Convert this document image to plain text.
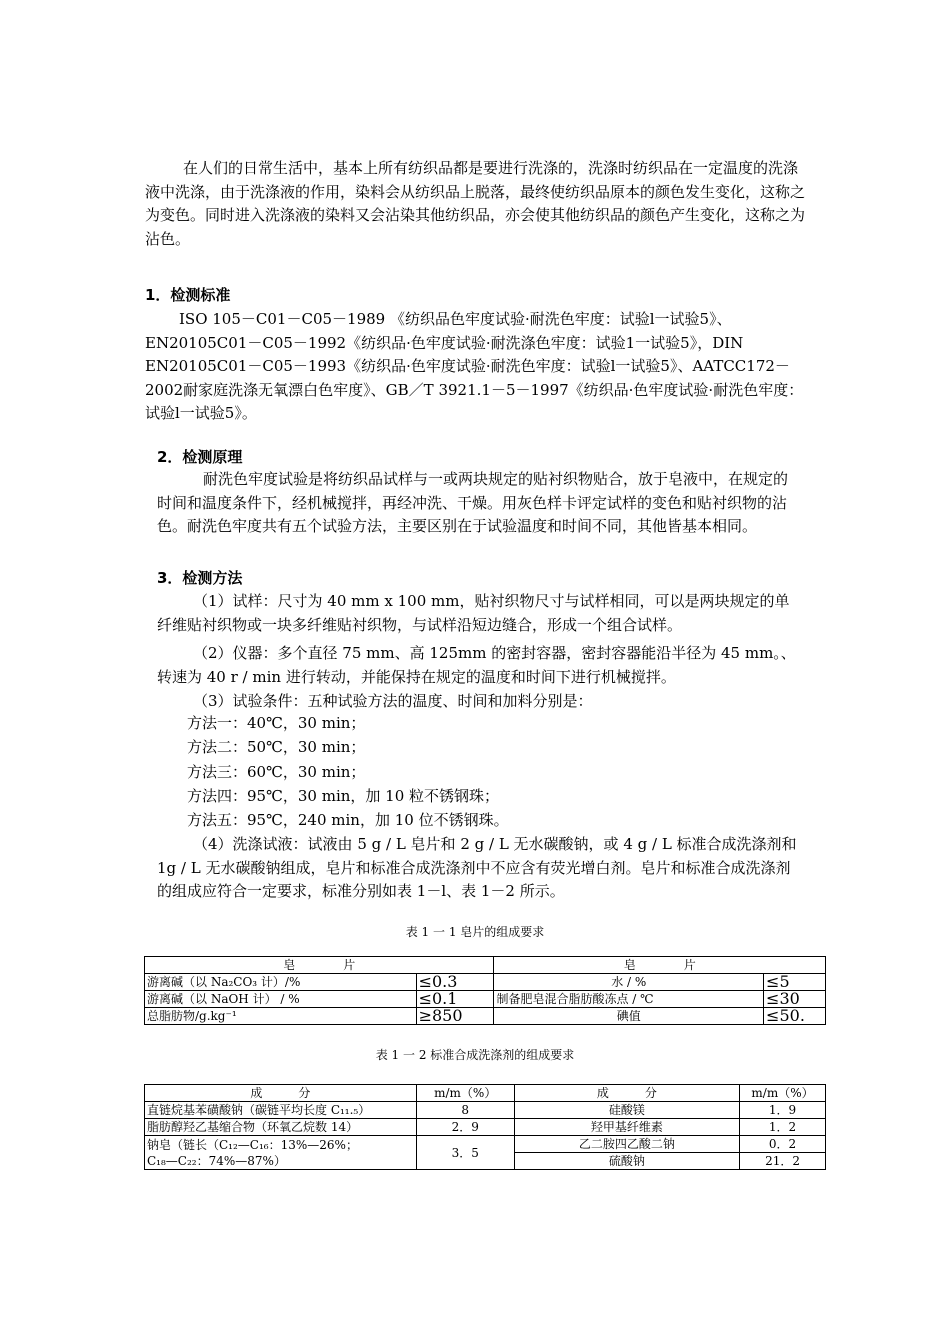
在人们的日常生活中，基本上所有纺织品都是要进行洗涤的，洗涤时纺织品在一定温度的洗涤液中洗涤，由于洗涤液的作用，染料会从纺织品上脱落，最终使纺织品原本的颜色发生变化，这称之为变色。同时进入洗涤液的染料又会沾染其他纺织品，亦会使其他纺织品的颜色产生变化，这称之为沾色。

1．检测标准

ISO 105－C01－C05－1989 《纺织品色牢度试验·耐洗色牢度：试验l一试验5》、EN20105C01－C05－1992《纺织品·色牢度试验·耐洗涤色牢度：试验1一试验5》，DIN EN20105C01－C05－1993《纺织品·色牢度试验·耐洗色牢度：试验l一试验5》、AATCC172－2002耐家庭洗涤无氧漂白色牢度》、GB／T 3921.1－5－1997《纺织品·色牢度试验·耐洗色牢度：试验l一试验5》。

2．检测原理

耐洗色牢度试验是将纺织品试样与一或两块规定的贴衬织物贴合，放于皂液中，在规定的时间和温度条件下，经机械搅拌，再经冲洗、干燥。用灰色样卡评定试样的变色和贴衬织物的沾色。耐洗色牢度共有五个试验方法，主要区别在于试验温度和时间不同，其他皆基本相同。

3．检测方法

（1）试样：尺寸为 40 mm x 100 mm，贴衬织物尺寸与试样相同，可以是两块规定的单纤维贴衬织物或一块多纤维贴衬织物，与试样沿短边缝合，形成一个组合试样。

（2）仪器：多个直径 75 mm、高 125mm 的密封容器，密封容器能沿半径为 45 mm。、转速为 40 r / min 进行转动，并能保持在规定的温度和时间下进行机械搅拌。

（3）试验条件：五种试验方法的温度、时间和加料分别是：

方法一：40℃，30 min；

方法二：50℃，30 min；

方法三：60℃，30 min；

方法四：95℃，30 min，加 10 粒不锈钢珠；

方法五：95℃，240 min，加 10 位不锈钢珠。

（4）洗涤试液：试液由 5 g / L 皂片和 2 g / L 无水碳酸钠，或 4 g / L 标准合成洗涤剂和 1g / L 无水碳酸钠组成，皂片和标准合成洗涤剂中不应含有荧光增白剂。皂片和标准合成洗涤剂的组成应符合一定要求，标准分别如表 1－l、表 1－2 所示。

表 1 一 1 皂片的组成要求

皂　　　　片		皂　　　　片	
游离碱（以 Na₂CO₃ 计）/%	≤0.3	水 / %	≤5
游离碱（以 NaOH 计） / %	≤0.1	制备肥皂混合脂肪酸冻点 / ℃	≤30
总脂肪物/g.kg⁻¹	≥850	碘值	≤50.

表 1 一 2 标准合成洗涤剂的组成要求

成　　　分	m/m（%）	成　　　分	m/m（%）
直链烷基苯磺酸钠（碳链平均长度 C₁₁.₅）	8	硅酸镁	1．9
脂肪醇羟乙基缩合物（环氧乙烷数 14）	2．9	羟甲基纤维素	1．2

钠皂（链长（C₁₂—C₁₆：13%—26%；
C₁₈—C₂₂：74%—87%）	3．5	乙二胺四乙酸二钠	0．2
		硫酸钠	21．2
